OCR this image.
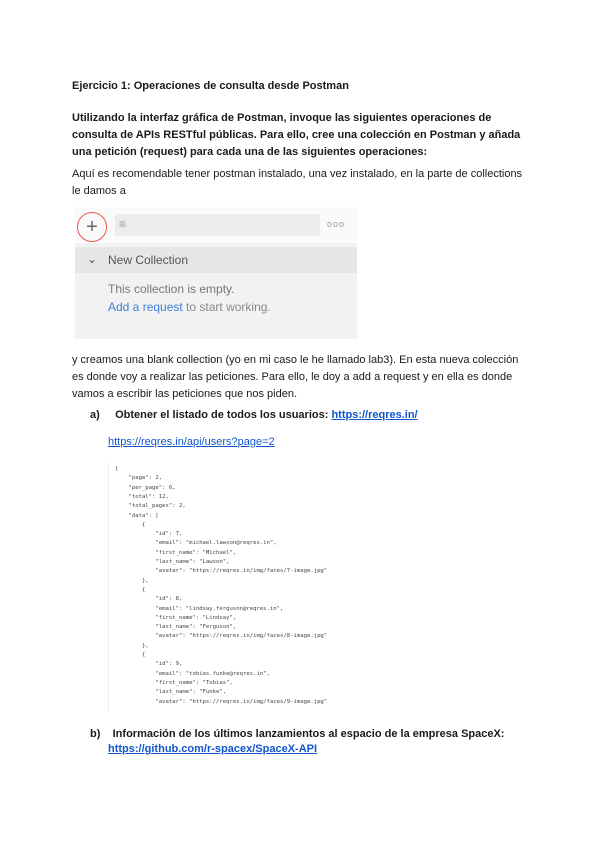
Ejercicio 1: Operaciones de consulta desde Postman
Utilizando la interfaz gráfica de Postman, invoque las siguientes operaciones de
consulta de APIs RESTful públicas. Para ello, cree una colección en Postman y añada
una petición (request) para cada una de las siguientes operaciones:
Aquí es recomendable tener postman instalado, una vez instalado, en la parte de collections
le damos a
+	≡	ooo
⌄ New Collection
This collection is empty.
Add a request to start working.
y creamos una blank collection (yo en mi caso le he llamado lab3). En esta nueva colección
es donde voy a realizar las peticiones. Para ello, le doy a add a request y en ella es donde
vamos a escribir las peticiones que nos piden.
a) Obtener el listado de todos los usuarios: https://reqres.in/
https://reqres.in/api/users?page=2
{
"page": 2,
"per_page": 6,
"total": 12,
"total_pages": 2,
"data": [
{
"id": 7,
"email": "michael.lawson@reqres.in",
"first_name": "Michael",
"last_name": "Lawson",
"avatar": "https://reqres.in/img/faces/7-image.jpg"
},
{
"id": 8,
"email": "lindsay.ferguson@reqres.in",
"first_name": "Lindsay",
"last_name": "Ferguson",
"avatar": "https://reqres.in/img/faces/8-image.jpg"
},
{
"id": 9,
"email": "tobias.funke@reqres.in",
"first_name": "Tobias",
"last_name": "Funke",
"avatar": "https://reqres.in/img/faces/9-image.jpg"
b) Información de los últimos lanzamientos al espacio de la empresa SpaceX:
https://github.com/r-spacex/SpaceX-API
